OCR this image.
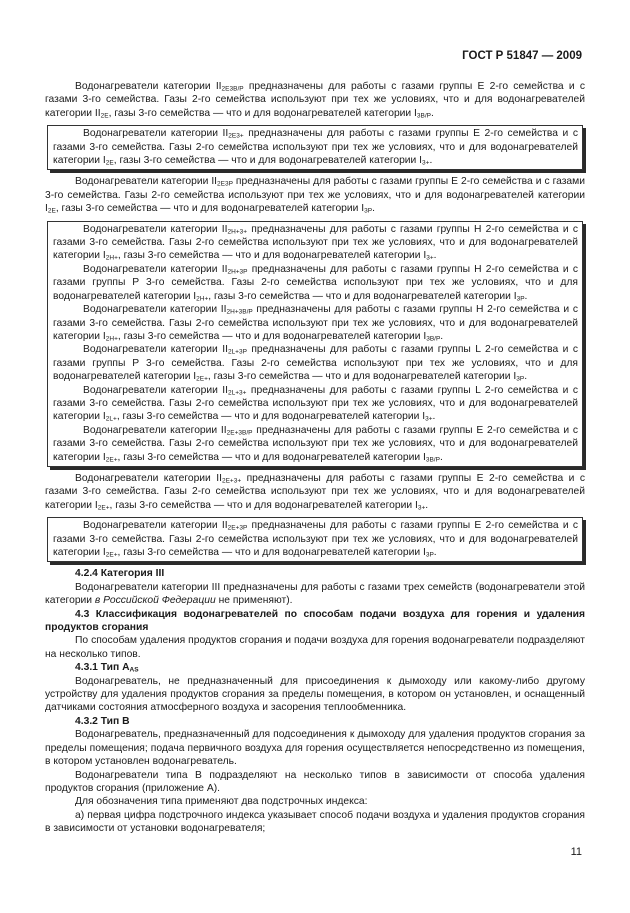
ГОСТ Р 51847 — 2009

Водонагреватели категории $II_{2E3B/P}$ предназначены для работы с газами группы Е 2-го семейства и с газами 3-го семейства. Газы 2-го семейства используют при тех же условиях, что и для водонагревателей категории $II_{2E}$, газы 3-го семейства — что и для водонагревателей категории $I_{3B/P}$.

Водонагреватели категории $II_{2E3+}$ предназначены для работы с газами группы Е 2-го семейства и с газами 3-го семейства. Газы 2-го семейства используют при тех же условиях, что и для водонагревателей категории $I_{2E}$, газы 3-го семейства — что и для водонагревателей категории $I_{3+}$.

Водонагреватели категории $II_{2E3P}$ предназначены для работы с газами группы Е 2-го семейства и с газами 3-го семейства. Газы 2-го семейства используют при тех же условиях, что и для водонагревателей категории $I_{2E}$, газы 3-го семейства — что и для водонагревателей категории $I_{3P}$.

Водонагреватели категории $II_{2H+3+}$ предназначены для работы с газами группы Н 2-го семейства и с газами 3-го семейства. Газы 2-го семейства используют при тех же условиях, что и для водонагревателей категории $I_{2H+}$, газы 3-го семейства — что и для водонагревателей категории $I_{3+}$.

Водонагреватели категории $II_{2H+3P}$ предназначены для работы с газами группы Н 2-го семейства и с газами группы Р 3-го семейства. Газы 2-го семейства используют при тех же условиях, что и для водонагревателей категории $I_{2H+}$, газы 3-го семейства — что и для водонагревателей категории $I_{3P}$.

Водонагреватели категории $II_{2H+3B/P}$ предназначены для работы с газами группы Н 2-го семейства и с газами 3-го семейства. Газы 2-го семейства используют при тех же условиях, что и для водонагревателей категории $I_{2H+}$, газы 3-го семейства — что и для водонагревателей категории $I_{3B/P}$.

Водонагреватели категории $II_{2L+3P}$ предназначены для работы с газами группы L 2-го семейства и с газами группы Р 3-го семейства. Газы 2-го семейства используют при тех же условиях, что и для водонагревателей категории $I_{2E+}$, газы 3-го семейства — что и для водонагревателей категории $I_{3P}$.

Водонагреватели категории $II_{2L+3+}$ предназначены для работы с газами группы L 2-го семейства и с газами 3-го семейства. Газы 2-го семейства используют при тех же условиях, что и для водонагревателей категории $I_{2L+}$, газы 3-го семейства — что и для водонагревателей категории $I_{3+}$.

Водонагреватели категории $II_{2E+3B/P}$ предназначены для работы с газами группы Е 2-го семейства и с газами 3-го семейства. Газы 2-го семейства используют при тех же условиях, что и для водонагревателей категории $I_{2E+}$, газы 3-го семейства — что и для водонагревателей категории $I_{3B/P}$.

Водонагреватели категории $II_{2E+3+}$ предназначены для работы с газами группы Е 2-го семейства и с газами 3-го семейства. Газы 2-го семейства используют при тех же условиях, что и для водонагревателей категории $I_{2E+}$, газы 3-го семейства — что и для водонагревателей категории $I_{3+}$.

Водонагреватели категории $II_{2E+3P}$ предназначены для работы с газами группы Е 2-го семейства и с газами 3-го семейства. Газы 2-го семейства используют при тех же условиях, что и для водонагревателей категории $I_{2E+}$, газы 3-го семейства — что и для водонагревателей категории $I_{3P}$.

4.2.4 Категория III

Водонагреватели категории III предназначены для работы с газами трех семейств (водонагреватели этой категории в Российской Федерации не применяют).

4.3 Классификация водонагревателей по способам подачи воздуха для горения и удаления продуктов сгорания

По способам удаления продуктов сгорания и подачи воздуха для горения водонагреватели подразделяют на несколько типов.

4.3.1 Тип $A_{AS}$

Водонагреватель, не предназначенный для присоединения к дымоходу или какому-либо другому устройству для удаления продуктов сгорания за пределы помещения, в котором он установлен, и оснащенный датчиками состояния атмосферного воздуха и засорения теплообменника.

4.3.2 Тип В

Водонагреватель, предназначенный для подсоединения к дымоходу для удаления продуктов сгорания за пределы помещения; подача первичного воздуха для горения осуществляется непосредственно из помещения, в котором установлен водонагреватель.

Водонагреватели типа В подразделяют на несколько типов в зависимости от способа удаления продуктов сгорания (приложение А).

Для обозначения типа применяют два подстрочных индекса:

а) первая цифра подстрочного индекса указывает способ подачи воздуха и удаления продуктов сгорания в зависимости от установки водонагревателя;

11
